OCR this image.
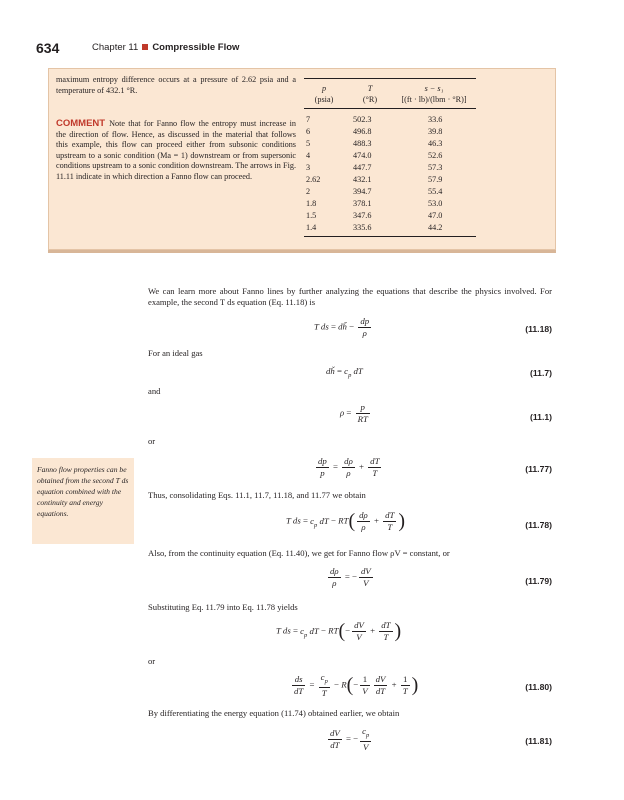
634	Chapter 11 Compressible Flow
maximum entropy difference occurs at a pressure of 2.62 psia and a temperature of 432.1 °R.
COMMENT Note that for Fanno flow the entropy must increase in the direction of flow. Hence, as discussed in the material that follows this example, this flow can proceed either from subsonic conditions upstream to a sonic condition (Ma = 1) downstream or from supersonic conditions upstream to a sonic condition downstream. The arrows in Fig. 11.11 indicate in which direction a Fanno flow can proceed.
p
(psia)
T
(°R)
s − s₁
[(ft · lb)/(lbm · °R)]
7	502.3	33.6
6	496.8	39.8
5	488.3	46.3
4	474.0	52.6
3	447.7	57.3
2.62	432.1	57.9
2	394.7	55.4
1.8	378.1	53.0
1.5	347.6	47.0
1.4	335.6	44.2
We can learn more about Fanno lines by further analyzing the equations that describe the physics involved. For example, the second T ds equation (Eq. 11.18) is
T ds = dȟ − $\frac{dp}{\rho}$	(11.18)
For an ideal gas
dȟ = $c_p$ dT	(11.7)
and
$\rho = \frac{p}{RT}$	(11.1)
or
$\frac{dp}{p} = \frac{d\rho}{\rho} + \frac{dT}{T}$	(11.77)
Fanno flow properties can be obtained from the second T ds equation combined with the continuity and energy equations.
Thus, consolidating Eqs. 11.1, 11.7, 11.18, and 11.77 we obtain
T ds = $c_p$ dT − $RT( \frac{d\rho}{\rho} + \frac{dT}{T}$ )	(11.78)
Also, from the continuity equation (Eq. 11.40), we get for Fanno flow ρV = constant, or
$\frac{d\rho}{\rho}$ = − $\frac{dV}{V}$	(11.79)
Substituting Eq. 11.79 into Eq. 11.78 yields
T ds = $c_p$ dT − $RT(- \frac{dV}{V} + \frac{dT}{T}$ )
or
$\frac{ds}{dT} = \frac{c_p}{T} - R(- \frac{1}{V} \frac{dV}{dT} + \frac{1}{T}$ )	(11.80)
By differentiating the energy equation (11.74) obtained earlier, we obtain
$\frac{dV}{dT}$ = − $\frac{c_p}{V}$	(11.81)
